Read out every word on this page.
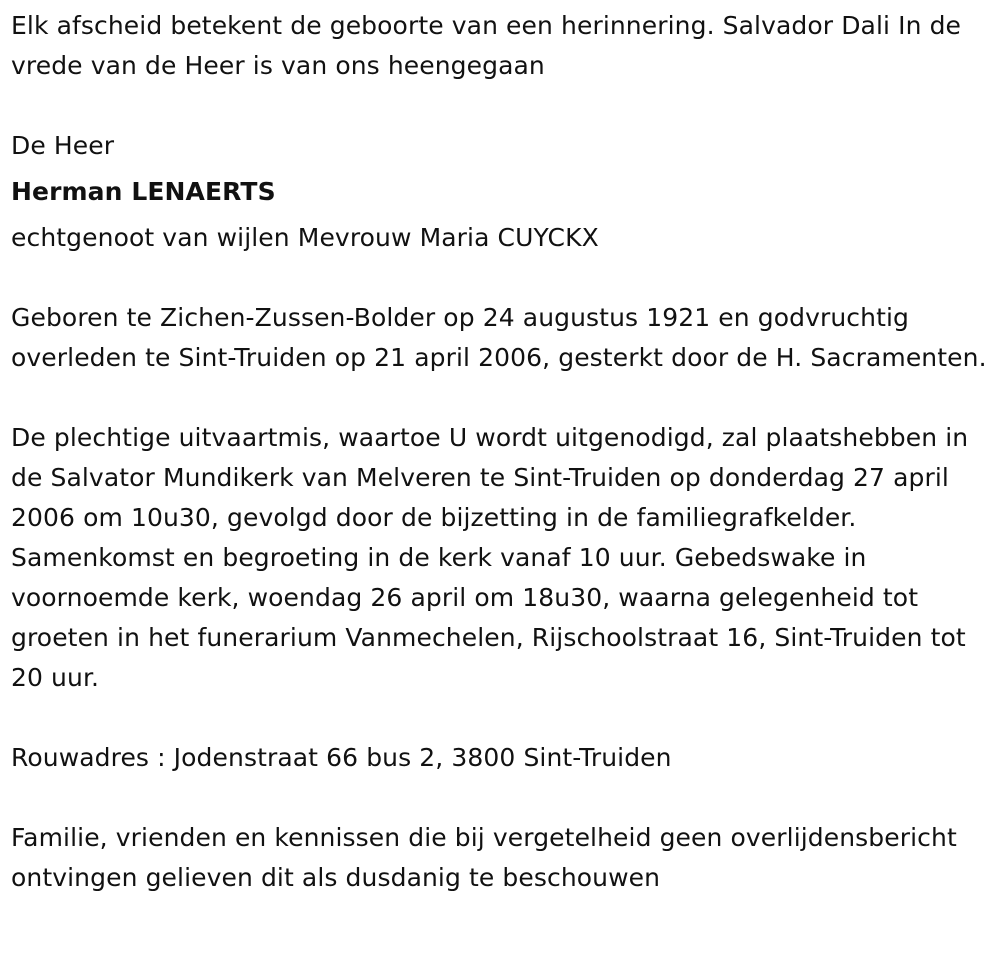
Elk afscheid betekent de geboorte van een herinnering. Salvador Dali In de vrede van de Heer is van ons heengegaan

De Heer

Herman LENAERTS

echtgenoot van wijlen Mevrouw Maria CUYCKX

Geboren te Zichen-Zussen-Bolder op 24 augustus 1921 en godvruchtig overleden te Sint-Truiden op 21 april 2006, gesterkt door de H. Sacramenten.

De plechtige uitvaartmis, waartoe U wordt uitgenodigd, zal plaatshebben in de Salvator Mundikerk van Melveren te Sint-Truiden op donderdag 27 april 2006 om 10u30, gevolgd door de bijzetting in de familiegrafkelder. Samenkomst en begroeting in de kerk vanaf 10 uur. Gebedswake in voornoemde kerk, woendag 26 april om 18u30, waarna gelegenheid tot groeten in het funerarium Vanmechelen, Rijschoolstraat 16, Sint-Truiden tot 20 uur.

Rouwadres : Jodenstraat 66 bus 2, 3800 Sint-Truiden

Familie, vrienden en kennissen die bij vergetelheid geen overlijdensbericht ontvingen gelieven dit als dusdanig te beschouwen
